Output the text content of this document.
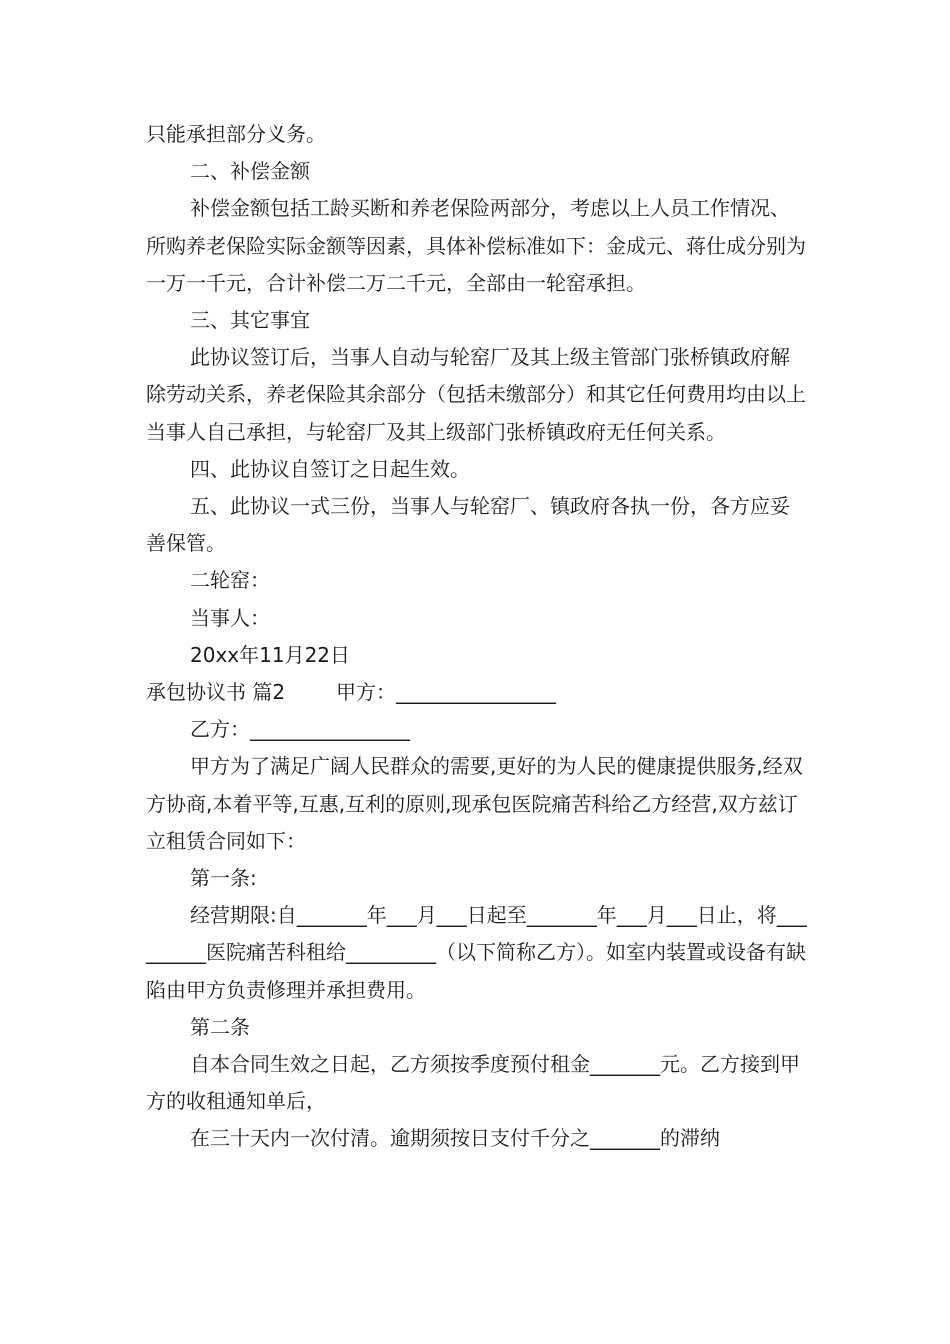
只能承担部分义务。

二、补偿金额

补偿金额包括工龄买断和养老保险两部分，考虑以上人员工作情况、所购养老保险实际金额等因素，具体补偿标准如下：金成元、蒋仕成分别为一万一千元，合计补偿二万二千元，全部由一轮窑承担。

三、其它事宜

此协议签订后，当事人自动与轮窑厂及其上级主管部门张桥镇政府解除劳动关系，养老保险其余部分（包括未缴部分）和其它任何费用均由以上当事人自己承担，与轮窑厂及其上级部门张桥镇政府无任何关系。

四、此协议自签订之日起生效。

五、此协议一式三份，当事人与轮窑厂、镇政府各执一份，各方应妥善保管。

二轮窑：

当事人：

20xx年11月22日

承包协议书 篇2        甲方：________________

乙方：________________

甲方为了满足广阔人民群众的需要,更好的为人民的健康提供服务,经双方协商,本着平等,互惠,互利的原则,现承包医院痛苦科给乙方经营,双方兹订立租赁合同如下：

第一条:

经营期限:自_______年___月___日起至_______年___月___日止，将_________医院痛苦科租给_________（以下简称乙方）。如室内装置或设备有缺陷由甲方负责修理并承担费用。

第二条

自本合同生效之日起，乙方须按季度预付租金_______元。乙方接到甲方的收租通知单后，

在三十天内一次付清。逾期须按日支付千分之_______的滞纳
